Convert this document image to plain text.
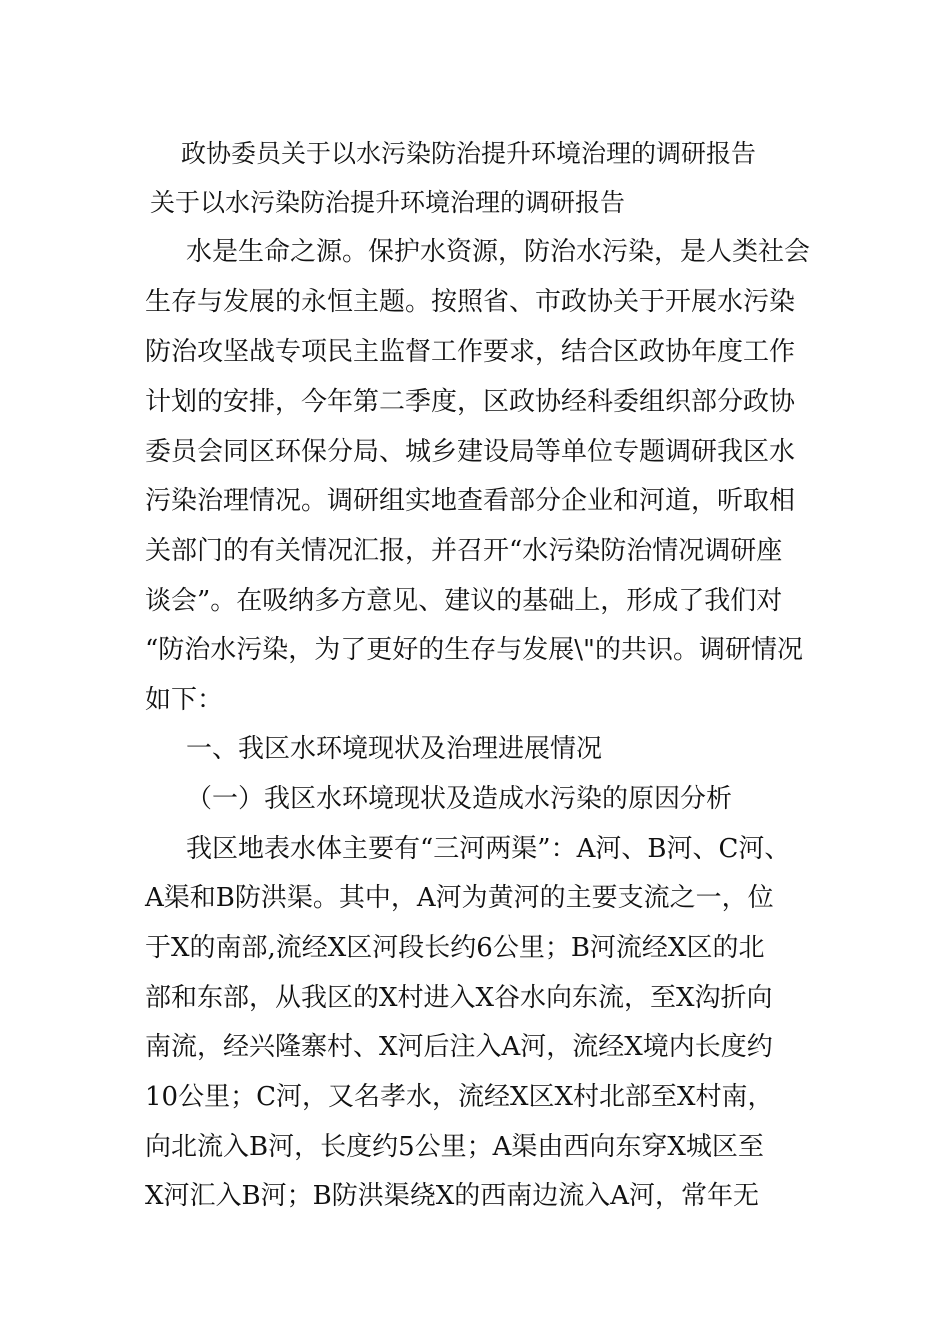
政协委员关于以水污染防治提升环境治理的调研报告
关于以水污染防治提升环境治理的调研报告
水是生命之源。保护水资源，防治水污染，是人类社会
生存与发展的永恒主题。按照省、市政协关于开展水污染
防治攻坚战专项民主监督工作要求，结合区政协年度工作
计划的安排，今年第二季度，区政协经科委组织部分政协
委员会同区环保分局、城乡建设局等单位专题调研我区水
污染治理情况。调研组实地查看部分企业和河道，听取相
关部门的有关情况汇报，并召开“水污染防治情况调研座
谈会”。在吸纳多方意见、建议的基础上，形成了我们对
“防治水污染，为了更好的生存与发展\"的共识。调研情况
如下：
一、我区水环境现状及治理进展情况
（一）我区水环境现状及造成水污染的原因分析
我区地表水体主要有“三河两渠”：A河、B河、C河、
A渠和B防洪渠。其中，A河为黄河的主要支流之一，位
于X的南部,流经X区河段长约6公里；B河流经X区的北
部和东部，从我区的X村进入X谷水向东流，至X沟折向
南流，经兴隆寨村、X河后注入A河，流经X境内长度约
10公里；C河，又名孝水，流经X区X村北部至X村南，
向北流入B河，长度约5公里；A渠由西向东穿X城区至
X河汇入B河；B防洪渠绕X的西南边流入A河，常年无
